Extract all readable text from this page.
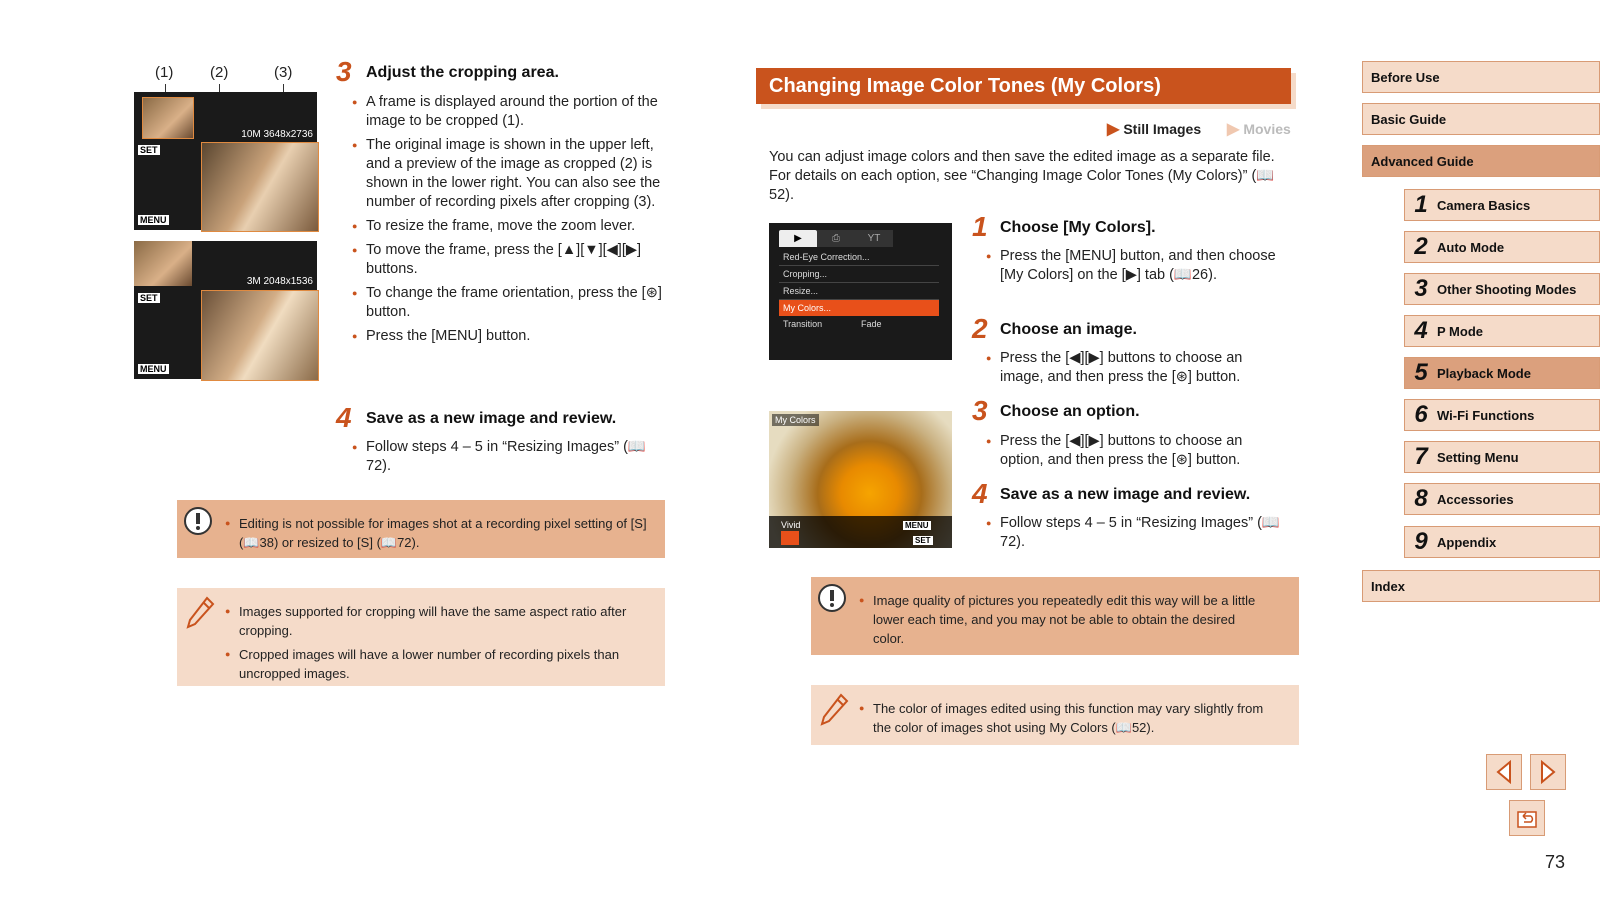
(1) (2)	(3)
10M 3648x2736
SET
MENU
3M 2048x1536
SET
MENU
3 Adjust the cropping area.
● A frame is displayed around the portion of the image to be cropped (1).
● The original image is shown in the upper left, and a preview of the image as cropped (2) is shown in the lower right. You can also see the number of recording pixels after cropping (3).
● To resize the frame, move the zoom lever.
● To move the frame, press the [▲][▼][◀][▶] buttons.
● To change the frame orientation, press the [⊛] button.
● Press the [MENU] button.
4 Save as a new image and review.
● Follow steps 4 – 5 in “Resizing Images” (📖72).
● Editing is not possible for images shot at a recording pixel setting of [S] (📖38) or resized to [S] (📖72).
● Images supported for cropping will have the same aspect ratio after cropping.
● Cropped images will have a lower number of recording pixels than uncropped images.
Changing Image Color Tones (My Colors)
▶ Still Images ▶ Movies

You can adjust image colors and then save the edited image as a separate file. For details on each option, see “Changing Image Color Tones (My Colors)” (📖52).

▶	⎙	YT
Red-Eye Correction...
Cropping...
Resize...
My Colors...
Transition	Fade
My Colors
Vivid	MENU
SET
1 Choose [My Colors].
● Press the [MENU] button, and then choose [My Colors] on the [▶] tab (📖26).
2 Choose an image.
● Press the [◀][▶] buttons to choose an image, and then press the [⊛] button.
3 Choose an option.
● Press the [◀][▶] buttons to choose an option, and then press the [⊛] button.
4 Save as a new image and review.
● Follow steps 4 – 5 in “Resizing Images” (📖72).
● Image quality of pictures you repeatedly edit this way will be a little lower each time, and you may not be able to obtain the desired color.
● The color of images edited using this function may vary slightly from the color of images shot using My Colors (📖52).
Before Use
Basic Guide
Advanced Guide
1 Camera Basics
2 Auto Mode
3 Other Shooting Modes
4 P Mode
5 Playback Mode
6 Wi-Fi Functions
7 Setting Menu
8 Accessories
9 Appendix
Index
73
